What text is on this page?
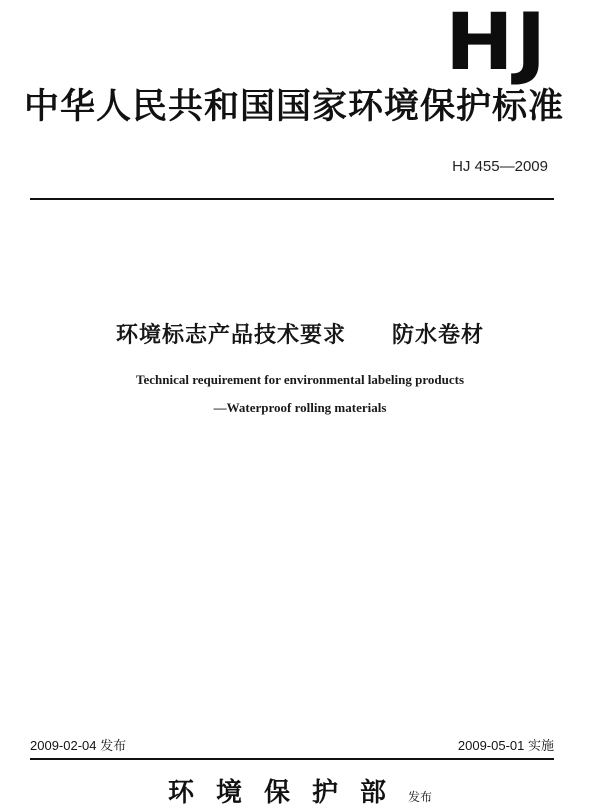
HJ
中华人民共和国国家环境保护标准
HJ 455—2009
环境标志产品技术要求　　防水卷材
Technical requirement for environmental labeling products
—Waterproof rolling materials
2009-02-04 发布	2009-05-01 实施
环境保护部发布
